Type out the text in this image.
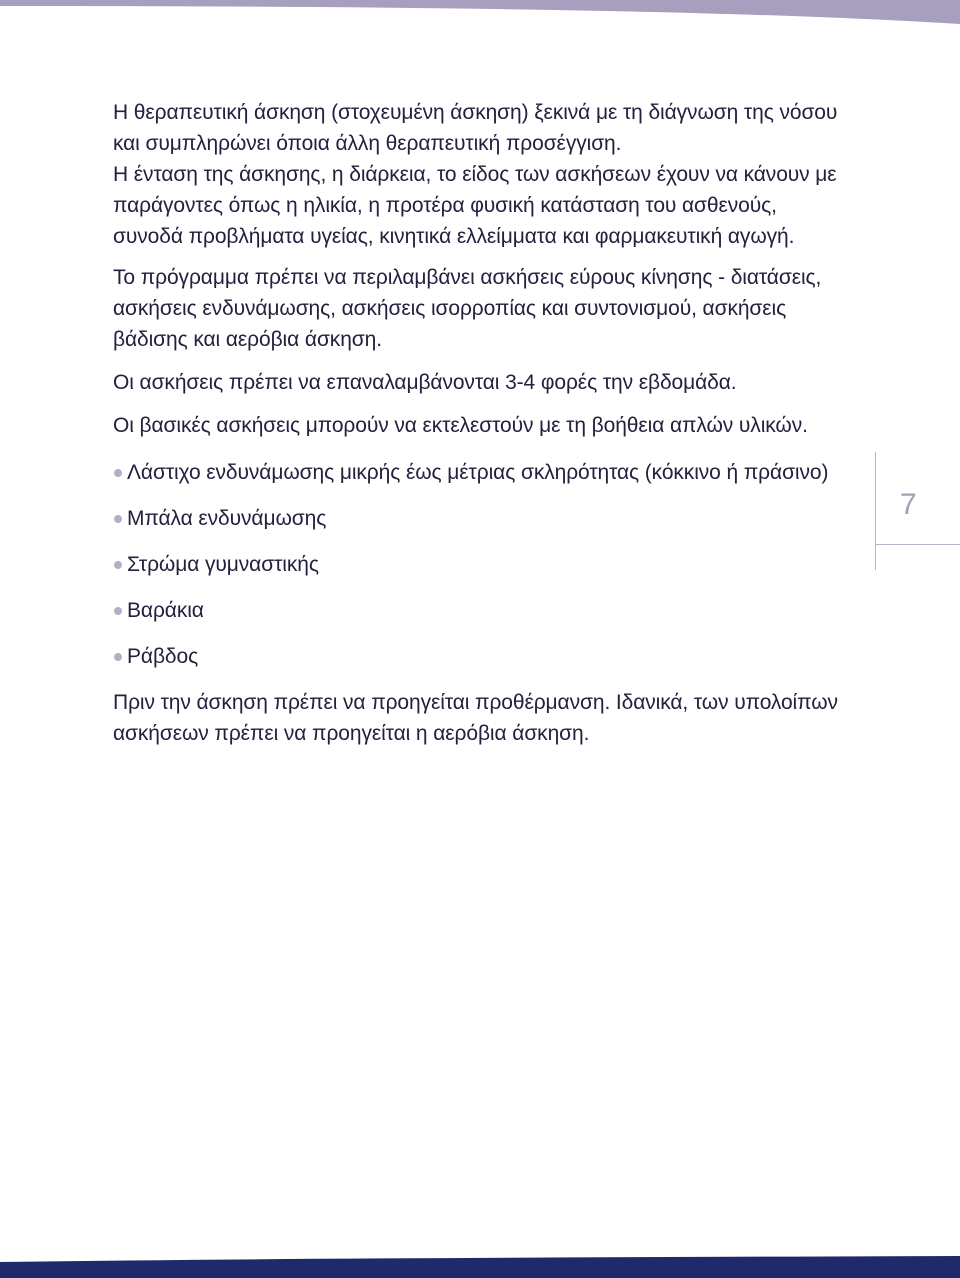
Η θεραπευτική άσκηση (στοχευμένη άσκηση) ξεκινά με τη διάγνωση της νόσου και συμπληρώνει όποια άλλη θεραπευτική προσέγγιση.

Η ένταση της άσκησης, η διάρκεια, το είδος των ασκήσεων έχουν να κάνουν με παράγοντες όπως η ηλικία, η προτέρα φυσική κατάσταση του ασθενούς, συνοδά προβλήματα υγείας, κινητικά ελλείμματα και φαρμακευτική αγωγή.

Το πρόγραμμα πρέπει να περιλαμβάνει ασκήσεις εύρους κίνησης - διατάσεις, ασκήσεις ενδυνάμωσης, ασκήσεις ισορροπίας και συντονισμού, ασκήσεις βάδισης και αερόβια άσκηση.

Οι ασκήσεις πρέπει να επαναλαμβάνονται 3-4 φορές την εβδομάδα.

Οι βασικές ασκήσεις μπορούν να εκτελεστούν με τη βοήθεια απλών υλικών.

Λάστιχο ενδυνάμωσης μικρής έως μέτριας σκληρότητας (κόκκινο ή πράσινο)
Μπάλα ενδυνάμωσης
Στρώμα γυμναστικής
Βαράκια
Ράβδος

Πριν την άσκηση πρέπει να προηγείται προθέρμανση. Ιδανικά, των υπολοίπων ασκήσεων πρέπει να προηγείται η αερόβια άσκηση.

7
